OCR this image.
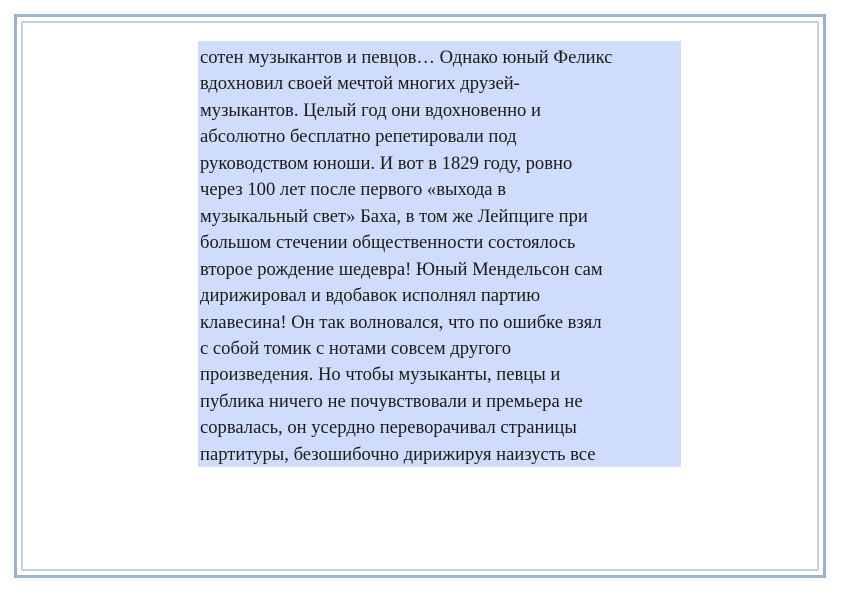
сотен музыкантов и певцов… Однако юный Феликс
вдохновил своей мечтой многих друзей-
музыкантов. Целый год они вдохновенно и
абсолютно бесплатно репетировали под
руководством юноши. И вот в 1829 году, ровно
через 100 лет после первого «выхода в
музыкальный свет» Баха, в том же Лейпциге при
большом стечении общественности состоялось
второе рождение шедевра! Юный Мендельсон сам
дирижировал и вдобавок исполнял партию
клавесина! Он так волновался, что по ошибке взял
с собой томик с нотами совсем другого
произведения. Но чтобы музыканты, певцы и
публика ничего не почувствовали и премьера не
сорвалась, он усердно переворачивал страницы
партитуры, безошибочно дирижируя наизусть все
